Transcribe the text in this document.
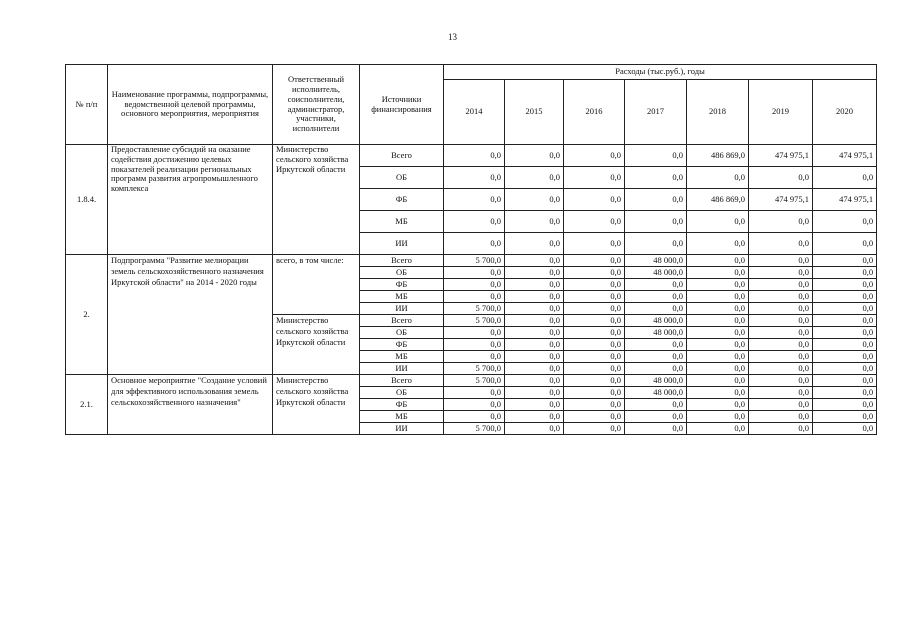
13
№ п/п	Наименование программы, подпрограммы, ведомственной целевой программы, основного мероприятия, мероприятия	Ответственный исполнитель, соисполнители, администратор, участники, исполнители	Источники финансирования	Расходы (тыс.руб.), годы						
				2014	2015	2016	2017	2018	2019	2020
1.8.4.	Предоставление субсидий на оказание содействия достижению целевых показателей реализации региональных программ развития агропромышленного комплекса	Министерство сельского хозяйства Иркутской области	Всего	0,0	0,0	0,0	0,0	486 869,0	474 975,1	474 975,1
			ОБ	0,0	0,0	0,0	0,0	0,0	0,0	0,0
			ФБ	0,0	0,0	0,0	0,0	486 869,0	474 975,1	474 975,1
			МБ	0,0	0,0	0,0	0,0	0,0	0,0	0,0
			ИИ	0,0	0,0	0,0	0,0	0,0	0,0	0,0
2.	Подпрограмма "Развитие мелиорации земель сельскохозяйственного назначения Иркутской области" на 2014 - 2020 годы	всего, в том числе:	Всего	5 700,0	0,0	0,0	48 000,0	0,0	0,0	0,0
			ОБ	0,0	0,0	0,0	48 000,0	0,0	0,0	0,0
			ФБ	0,0	0,0	0,0	0,0	0,0	0,0	0,0
			МБ	0,0	0,0	0,0	0,0	0,0	0,0	0,0
			ИИ	5 700,0	0,0	0,0	0,0	0,0	0,0	0,0
		Министерство сельского хозяйства Иркутской области	Всего	5 700,0	0,0	0,0	48 000,0	0,0	0,0	0,0
			ОБ	0,0	0,0	0,0	48 000,0	0,0	0,0	0,0
			ФБ	0,0	0,0	0,0	0,0	0,0	0,0	0,0
			МБ	0,0	0,0	0,0	0,0	0,0	0,0	0,0
			ИИ	5 700,0	0,0	0,0	0,0	0,0	0,0	0,0
2.1.	Основное мероприятие "Создание условий для эффективного использования земель сельскохозяйственного назначения"	Министерство сельского хозяйства Иркутской области	Всего	5 700,0	0,0	0,0	48 000,0	0,0	0,0	0,0
			ОБ	0,0	0,0	0,0	48 000,0	0,0	0,0	0,0
			ФБ	0,0	0,0	0,0	0,0	0,0	0,0	0,0
			МБ	0,0	0,0	0,0	0,0	0,0	0,0	0,0
			ИИ	5 700,0	0,0	0,0	0,0	0,0	0,0	0,0
